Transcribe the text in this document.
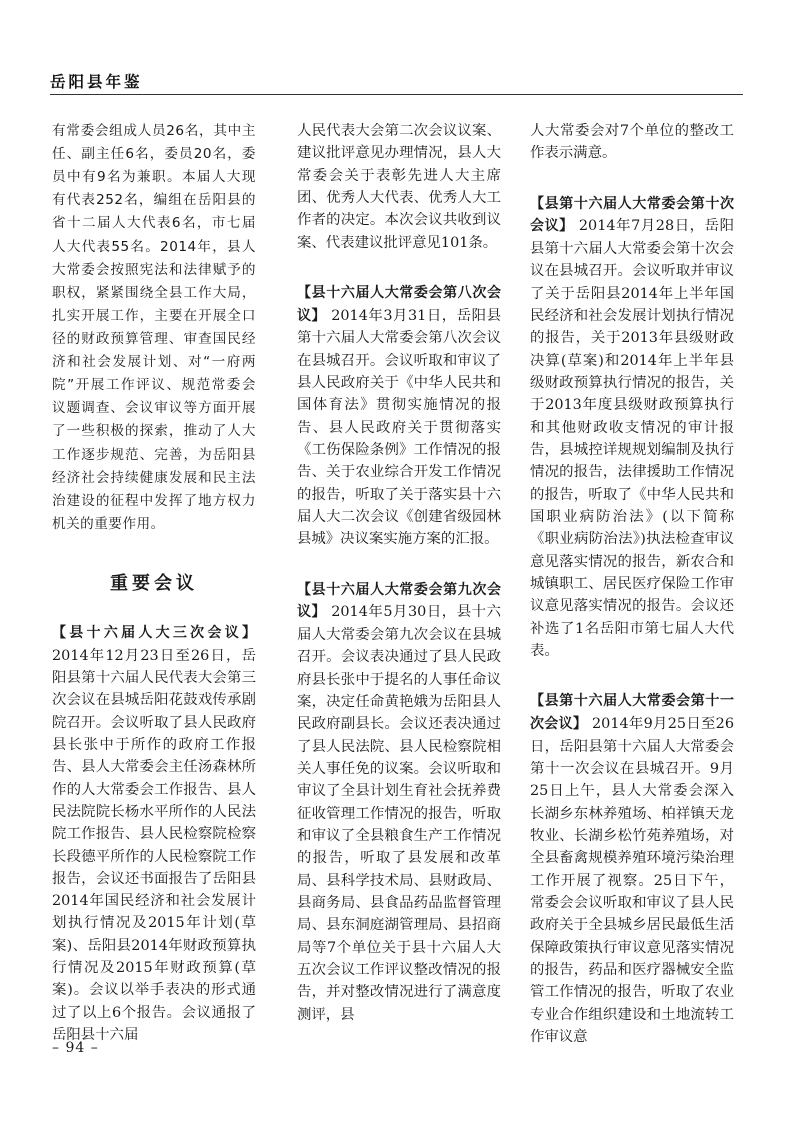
岳阳县年鉴

有常委会组成人员26名，其中主任、副主任6名，委员20名，委员中有9名为兼职。本届人大现有代表252名，编组在岳阳县的省十二届人大代表6名，市七届人大代表55名。2014年，县人大常委会按照宪法和法律赋予的职权，紧紧围绕全县工作大局，扎实开展工作，主要在开展全口径的财政预算管理、审查国民经济和社会发展计划、对“一府两院”开展工作评议、规范常委会议题调查、会议审议等方面开展了一些积极的探索，推动了人大工作逐步规范、完善，为岳阳县经济社会持续健康发展和民主法治建设的征程中发挥了地方权力机关的重要作用。

重要会议

【县十六届人大三次会议】 2014年12月23日至26日，岳阳县第十六届人民代表大会第三次会议在县城岳阳花鼓戏传承剧院召开。会议听取了县人民政府县长张中于所作的政府工作报告、县人大常委会主任汤森林所作的人大常委会工作报告、县人民法院院长杨水平所作的人民法院工作报告、县人民检察院检察长段德平所作的人民检察院工作报告，会议还书面报告了岳阳县2014年国民经济和社会发展计划执行情况及2015年计划(草案)、岳阳县2014年财政预算执行情况及2015年财政预算(草案)。会议以举手表决的形式通过了以上6个报告。会议通报了岳阳县十六届

人民代表大会第二次会议议案、建议批评意见办理情况，县人大常委会关于表彰先进人大主席团、优秀人大代表、优秀人大工作者的决定。本次会议共收到议案、代表建议批评意见101条。

【县十六届人大常委会第八次会议】 2014年3月31日，岳阳县第十六届人大常委会第八次会议在县城召开。会议听取和审议了县人民政府关于《中华人民共和国体育法》贯彻实施情况的报告、县人民政府关于贯彻落实《工伤保险条例》工作情况的报告、关于农业综合开发工作情况的报告，听取了关于落实县十六届人大二次会议《创建省级园林县城》决议案实施方案的汇报。

【县十六届人大常委会第九次会议】 2014年5月30日，县十六届人大常委会第九次会议在县城召开。会议表决通过了县人民政府县长张中于提名的人事任命议案，决定任命黄艳娥为岳阳县人民政府副县长。会议还表决通过了县人民法院、县人民检察院相关人事任免的议案。会议听取和审议了全县计划生育社会抚养费征收管理工作情况的报告，听取和审议了全县粮食生产工作情况的报告，听取了县发展和改革局、县科学技术局、县财政局、县商务局、县食品药品监督管理局、县东洞庭湖管理局、县招商局等7个单位关于县十六届人大五次会议工作评议整改情况的报告，并对整改情况进行了满意度测评，县

人大常委会对7个单位的整改工作表示满意。

【县第十六届人大常委会第十次会议】 2014年7月28日，岳阳县第十六届人大常委会第十次会议在县城召开。会议听取并审议了关于岳阳县2014年上半年国民经济和社会发展计划执行情况的报告，关于2013年县级财政决算(草案)和2014年上半年县级财政预算执行情况的报告，关于2013年度县级财政预算执行和其他财政收支情况的审计报告，县城控详规规划编制及执行情况的报告，法律援助工作情况的报告，听取了《中华人民共和国职业病防治法》(以下简称《职业病防治法》)执法检查审议意见落实情况的报告，新农合和城镇职工、居民医疗保险工作审议意见落实情况的报告。会议还补选了1名岳阳市第七届人大代表。

【县第十六届人大常委会第十一次会议】 2014年9月25日至26日，岳阳县第十六届人大常委会第十一次会议在县城召开。9月25日上午，县人大常委会深入长湖乡东林养殖场、柏祥镇天龙牧业、长湖乡松竹苑养殖场，对全县畜禽规模养殖环境污染治理工作开展了视察。25日下午，常委会会议听取和审议了县人民政府关于全县城乡居民最低生活保障政策执行审议意见落实情况的报告，药品和医疗器械安全监管工作情况的报告，听取了农业专业合作组织建设和土地流转工作审议意

– 94 –
